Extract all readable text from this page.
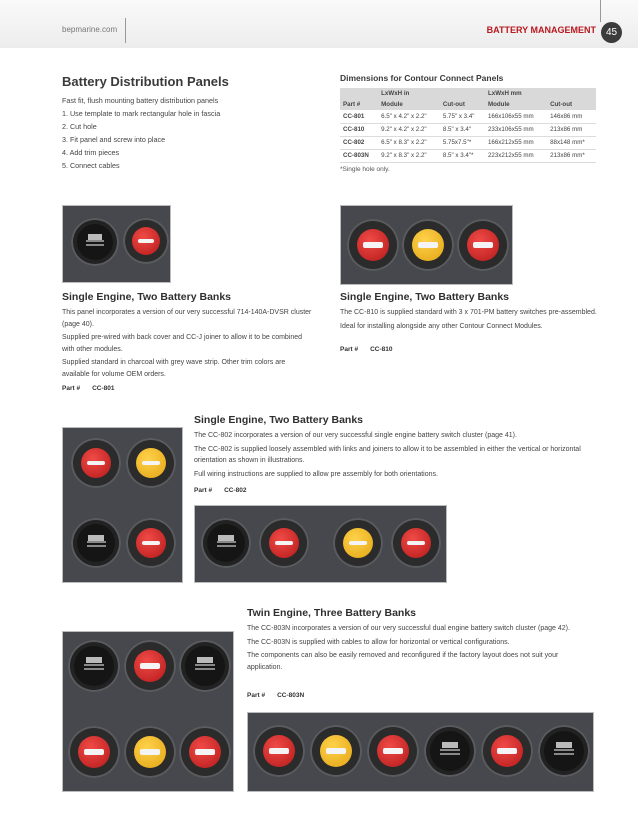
bepmarine.com	BATTERY MANAGEMENT 45
Battery Distribution Panels
Fast fit, flush mounting battery distribution panels
1. Use template to mark rectangular hole in fascia
2. Cut hole
3. Fit panel and screw into place
4. Add trim pieces
5. Connect cables
Dimensions for Contour Connect Panels
	LxWxH in		LxWxH mm	
Part #	Module	Cut-out	Module	Cut-out
CC-801	6.5" x 4.2" x 2.2"	5.75" x 3.4"	166x106x55 mm	146x86 mm
CC-810	9.2" x 4.2" x 2.2"	8.5" x 3.4"	233x106x55 mm	213x86 mm
CC-802	6.5" x 8.3" x 2.2"	5.75x7.5"*	166x212x55 mm	88x148 mm*
CC-803N	9.2" x 8.3" x 2.2"	8.5" x 3.4"*	223x212x55 mm	213x86 mm*
*Single hole only.
Single Engine, Two Battery Banks

This panel incorporates a version of our very successful 714-140A-DVSR cluster (page 40).

Supplied pre-wired with back cover and CC-J joiner to allow it to be combined with other modules.

Supplied standard in charcoal with grey wave strip. Other trim colors are available for volume OEM orders.

Part # CC-801
Single Engine, Two Battery Banks

The CC-810 is supplied standard with 3 x 701-PM battery switches pre-assembled.

Ideal for installing alongside any other Contour Connect Modules.

Part # CC-810
Single Engine, Two Battery Banks

The CC-802 incorporates a version of our very successful single engine battery switch cluster (page 41).

The CC-802 is supplied loosely assembled with links and joiners to allow it to be assembled in either the vertical or horizontal orientation as shown in illustrations.

Full wiring instructions are supplied to allow pre assembly for both orientations.

Part # CC-802
Twin Engine, Three Battery Banks

The CC-803N incorporates a version of our very successful dual engine battery switch cluster (page 42).

The CC-803N is supplied with cables to allow for horizontal or vertical configurations.

The components can also be easily removed and reconfigured if the factory layout does not suit your application.

Part # CC-803N
